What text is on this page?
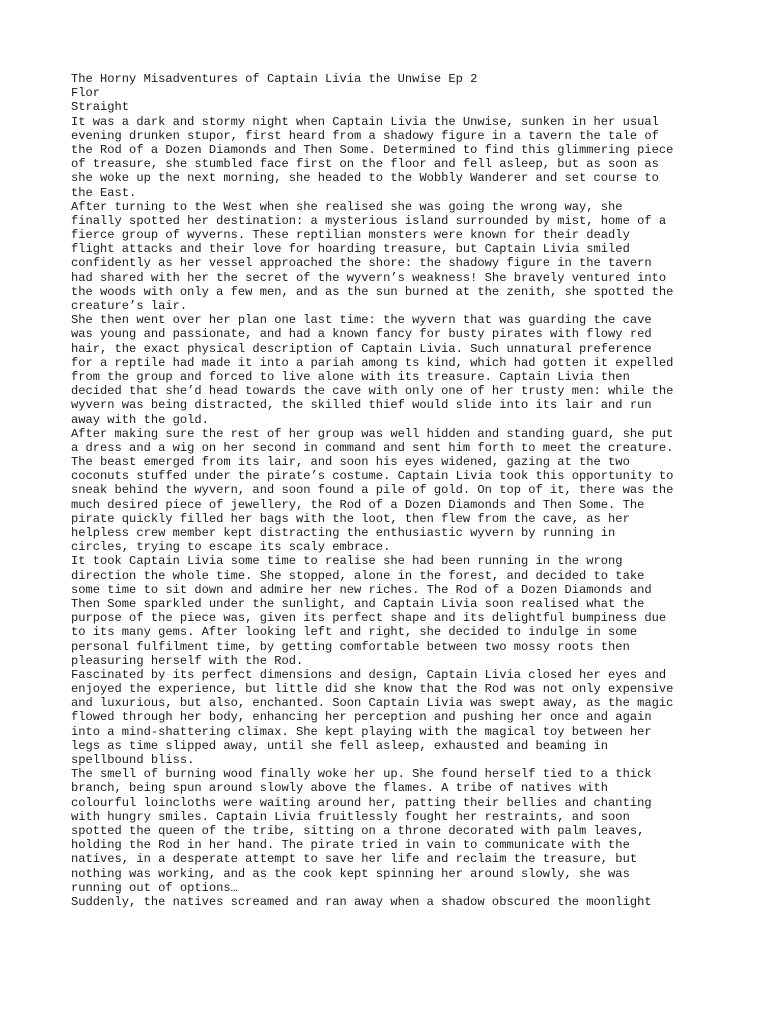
The Horny Misadventures of Captain Livia the Unwise Ep 2
Flor
Straight
It was a dark and stormy night when Captain Livia the Unwise, sunken in her usual
evening drunken stupor, first heard from a shadowy figure in a tavern the tale of
the Rod of a Dozen Diamonds and Then Some. Determined to find this glimmering piece
of treasure, she stumbled face first on the floor and fell asleep, but as soon as
she woke up the next morning, she headed to the Wobbly Wanderer and set course to
the East.
After turning to the West when she realised she was going the wrong way, she
finally spotted her destination: a mysterious island surrounded by mist, home of a
fierce group of wyverns. These reptilian monsters were known for their deadly
flight attacks and their love for hoarding treasure, but Captain Livia smiled
confidently as her vessel approached the shore: the shadowy figure in the tavern
had shared with her the secret of the wyvern’s weakness! She bravely ventured into
the woods with only a few men, and as the sun burned at the zenith, she spotted the
creature’s lair.
She then went over her plan one last time: the wyvern that was guarding the cave
was young and passionate, and had a known fancy for busty pirates with flowy red
hair, the exact physical description of Captain Livia. Such unnatural preference
for a reptile had made it into a pariah among ts kind, which had gotten it expelled
from the group and forced to live alone with its treasure. Captain Livia then
decided that she’d head towards the cave with only one of her trusty men: while the
wyvern was being distracted, the skilled thief would slide into its lair and run
away with the gold.
After making sure the rest of her group was well hidden and standing guard, she put
a dress and a wig on her second in command and sent him forth to meet the creature.
The beast emerged from its lair, and soon his eyes widened, gazing at the two
coconuts stuffed under the pirate’s costume. Captain Livia took this opportunity to
sneak behind the wyvern, and soon found a pile of gold. On top of it, there was the
much desired piece of jewellery, the Rod of a Dozen Diamonds and Then Some. The
pirate quickly filled her bags with the loot, then flew from the cave, as her
helpless crew member kept distracting the enthusiastic wyvern by running in
circles, trying to escape its scaly embrace.
It took Captain Livia some time to realise she had been running in the wrong
direction the whole time. She stopped, alone in the forest, and decided to take
some time to sit down and admire her new riches. The Rod of a Dozen Diamonds and
Then Some sparkled under the sunlight, and Captain Livia soon realised what the
purpose of the piece was, given its perfect shape and its delightful bumpiness due
to its many gems. After looking left and right, she decided to indulge in some
personal fulfilment time, by getting comfortable between two mossy roots then
pleasuring herself with the Rod.
Fascinated by its perfect dimensions and design, Captain Livia closed her eyes and
enjoyed the experience, but little did she know that the Rod was not only expensive
and luxurious, but also, enchanted. Soon Captain Livia was swept away, as the magic
flowed through her body, enhancing her perception and pushing her once and again
into a mind-shattering climax. She kept playing with the magical toy between her
legs as time slipped away, until she fell asleep, exhausted and beaming in
spellbound bliss.
The smell of burning wood finally woke her up. She found herself tied to a thick
branch, being spun around slowly above the flames. A tribe of natives with
colourful loincloths were waiting around her, patting their bellies and chanting
with hungry smiles. Captain Livia fruitlessly fought her restraints, and soon
spotted the queen of the tribe, sitting on a throne decorated with palm leaves,
holding the Rod in her hand. The pirate tried in vain to communicate with the
natives, in a desperate attempt to save her life and reclaim the treasure, but
nothing was working, and as the cook kept spinning her around slowly, she was
running out of options…
Suddenly, the natives screamed and ran away when a shadow obscured the moonlight
